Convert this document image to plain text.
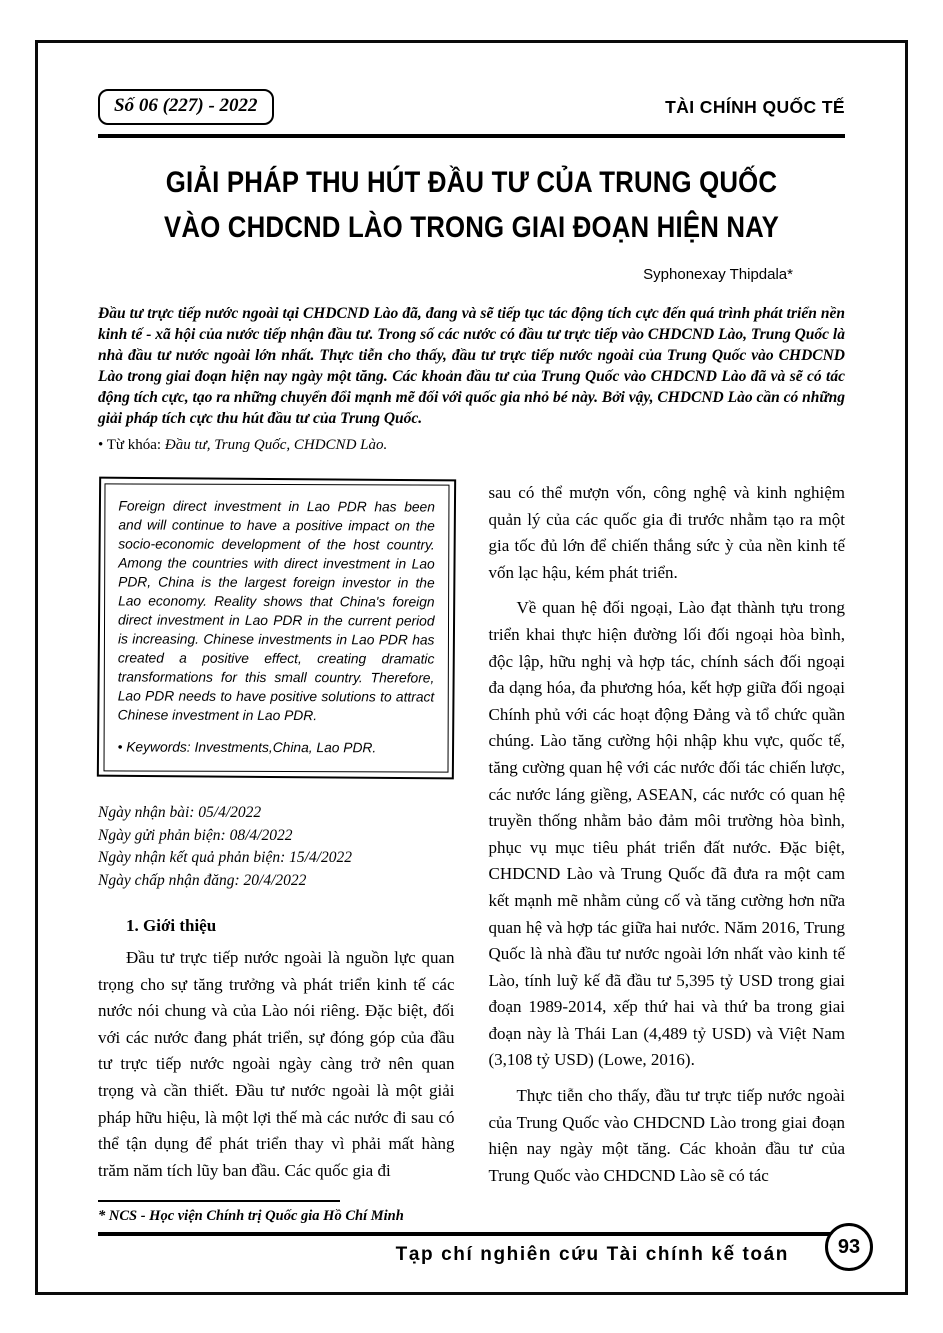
Số 06 (227) - 2022	TÀI CHÍNH QUỐC TẾ
GIẢI PHÁP THU HÚT ĐẦU TƯ CỦA TRUNG QUỐC
VÀO CHDCND LÀO TRONG GIAI ĐOẠN HIỆN NAY
Syphonexay Thipdala*

Đầu tư trực tiếp nước ngoài tại CHDCND Lào đã, đang và sẽ tiếp tục tác động tích cực đến quá trình phát triển nền kinh tế - xã hội của nước tiếp nhận đầu tư. Trong số các nước có đầu tư trực tiếp vào CHDCND Lào, Trung Quốc là nhà đầu tư nước ngoài lớn nhất. Thực tiễn cho thấy, đầu tư trực tiếp nước ngoài của Trung Quốc vào CHDCND Lào trong giai đoạn hiện nay ngày một tăng. Các khoản đầu tư của Trung Quốc vào CHDCND Lào đã và sẽ có tác động tích cực, tạo ra những chuyển đổi mạnh mẽ đối với quốc gia nhỏ bé này. Bởi vậy, CHDCND Lào cần có những giải pháp tích cực thu hút đầu tư của Trung Quốc.

• Từ khóa: Đầu tư, Trung Quốc, CHDCND Lào.

Foreign direct investment in Lao PDR has been and will continue to have a positive impact on the socio-economic development of the host country. Among the countries with direct investment in Lao PDR, China is the largest foreign investor in the Lao economy. Reality shows that China's foreign direct investment in Lao PDR in the current period is increasing. Chinese investments in Lao PDR has created a positive effect, creating dramatic transformations for this small country. Therefore, Lao PDR needs to have positive solutions to attract Chinese investment in Lao PDR.

• Keywords: Investments,China, Lao PDR.

Ngày nhận bài: 05/4/2022
Ngày gửi phản biện: 08/4/2022
Ngày nhận kết quả phản biện: 15/4/2022
Ngày chấp nhận đăng: 20/4/2022
1. Giới thiệu

Đầu tư trực tiếp nước ngoài là nguồn lực quan trọng cho sự tăng trưởng và phát triển kinh tế các nước nói chung và của Lào nói riêng. Đặc biệt, đối với các nước đang phát triển, sự đóng góp của đầu tư trực tiếp nước ngoài ngày càng trở nên quan trọng và cần thiết. Đầu tư nước ngoài là một giải pháp hữu hiệu, là một lợi thế mà các nước đi sau có thể tận dụng để phát triển thay vì phải mất hàng trăm năm tích lũy ban đầu. Các quốc gia đi

* NCS - Học viện Chính trị Quốc gia Hồ Chí Minh

sau có thể mượn vốn, công nghệ và kinh nghiệm quản lý của các quốc gia đi trước nhằm tạo ra một gia tốc đủ lớn để chiến thắng sức ỳ của nền kinh tế vốn lạc hậu, kém phát triển.

Về quan hệ đối ngoại, Lào đạt thành tựu trong triển khai thực hiện đường lối đối ngoại hòa bình, độc lập, hữu nghị và hợp tác, chính sách đối ngoại đa dạng hóa, đa phương hóa, kết hợp giữa đối ngoại Chính phủ với các hoạt động Đảng và tổ chức quần chúng. Lào tăng cường hội nhập khu vực, quốc tế, tăng cường quan hệ với các nước đối tác chiến lược, các nước láng giềng, ASEAN, các nước có quan hệ truyền thống nhằm bảo đảm môi trường hòa bình, phục vụ mục tiêu phát triển đất nước. Đặc biệt, CHDCND Lào và Trung Quốc đã đưa ra một cam kết mạnh mẽ nhằm củng cố và tăng cường hơn nữa quan hệ và hợp tác giữa hai nước. Năm 2016, Trung Quốc là nhà đầu tư nước ngoài lớn nhất vào kinh tế Lào, tính luỹ kế đã đầu tư 5,395 tỷ USD trong giai đoạn 1989-2014, xếp thứ hai và thứ ba trong giai đoạn này là Thái Lan (4,489 tỷ USD) và Việt Nam (3,108 tỷ USD) (Lowe, 2016).

Thực tiễn cho thấy, đầu tư trực tiếp nước ngoài của Trung Quốc vào CHDCND Lào trong giai đoạn hiện nay ngày một tăng. Các khoản đầu tư của Trung Quốc vào CHDCND Lào sẽ có tác

Tạp chí nghiên cứu Tài chính kế toán	93
